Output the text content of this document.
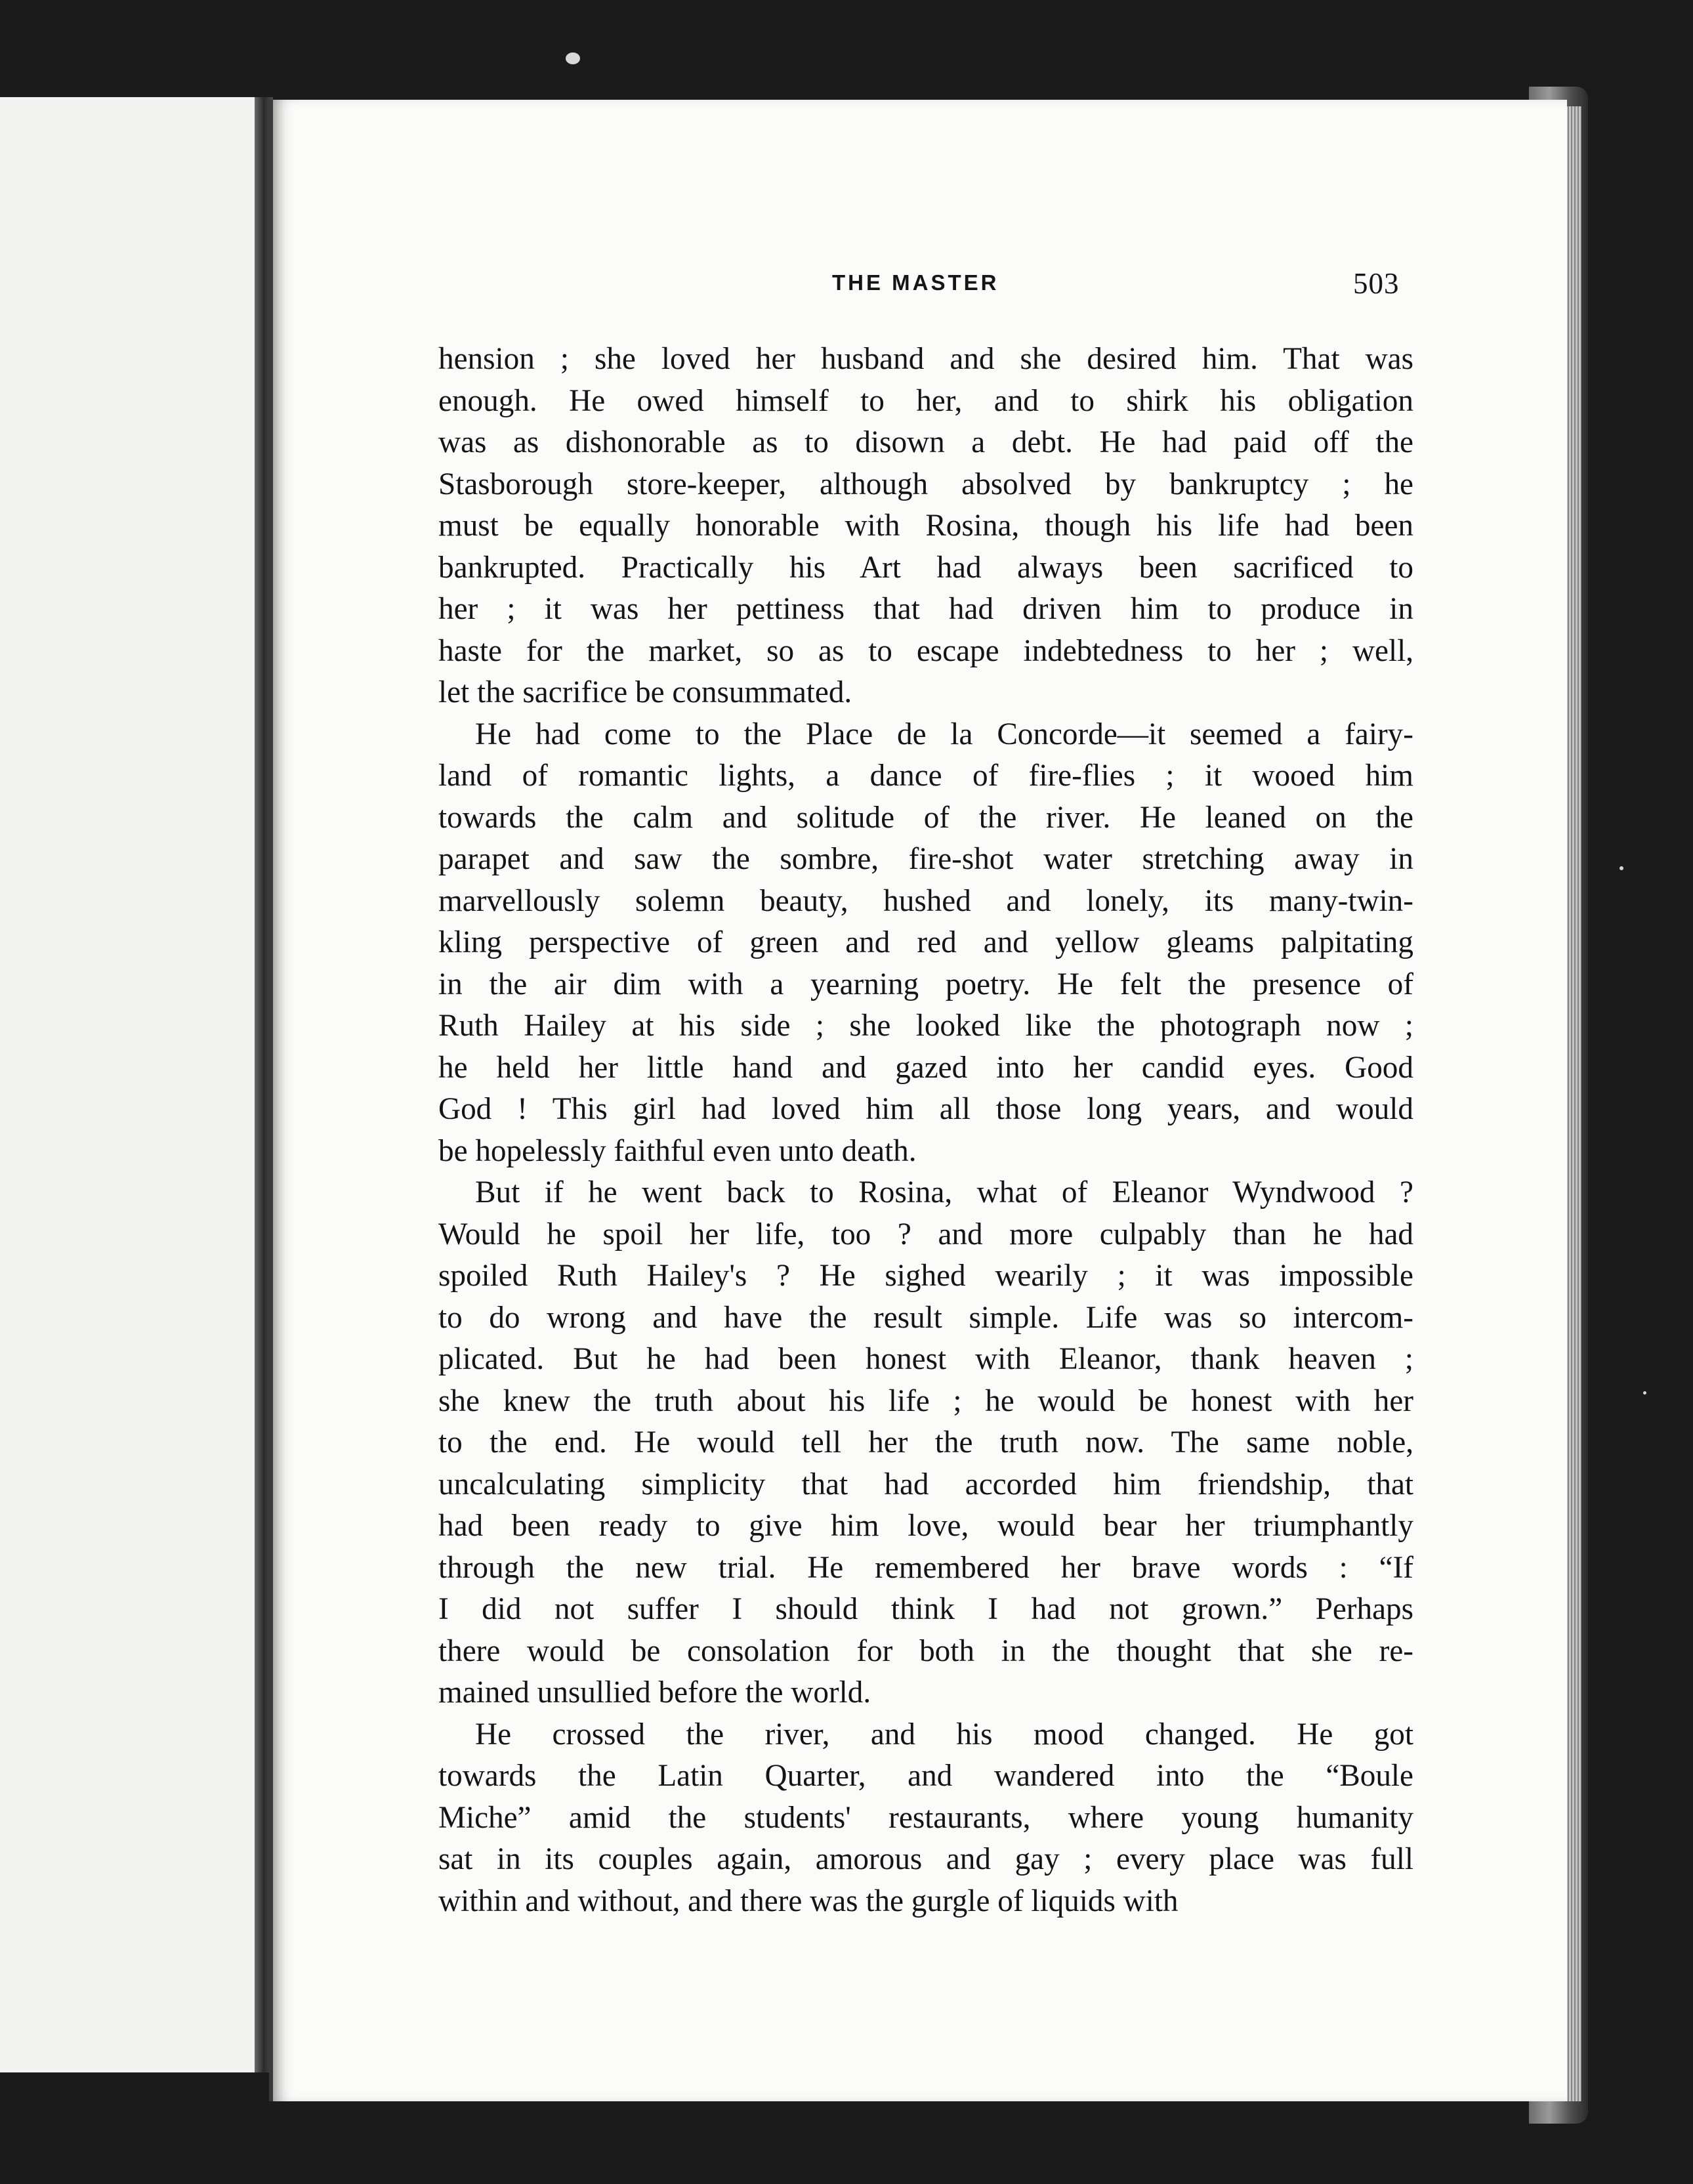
THE MASTER	503
hension ; she loved her husband and she desired him. That was
enough. He owed himself to her, and to shirk his obligation
was as dishonorable as to disown a debt. He had paid off the
Stasborough store-keeper, although absolved by bankruptcy ; he
must be equally honorable with Rosina, though his life had been
bankrupted. Practically his Art had always been sacrificed to
her ; it was her pettiness that had driven him to produce in
haste for the market, so as to escape indebtedness to her ; well,
let the sacrifice be consummated.
He had come to the Place de la Concorde—it seemed a fairy-
land of romantic lights, a dance of fire-flies ; it wooed him
towards the calm and solitude of the river. He leaned on the
parapet and saw the sombre, fire-shot water stretching away in
marvellously solemn beauty, hushed and lonely, its many-twin-
kling perspective of green and red and yellow gleams palpitating
in the air dim with a yearning poetry. He felt the presence of
Ruth Hailey at his side ; she looked like the photograph now ;
he held her little hand and gazed into her candid eyes. Good
God ! This girl had loved him all those long years, and would
be hopelessly faithful even unto death.
But if he went back to Rosina, what of Eleanor Wyndwood ?
Would he spoil her life, too ? and more culpably than he had
spoiled Ruth Hailey's ? He sighed wearily ; it was impossible
to do wrong and have the result simple. Life was so intercom-
plicated. But he had been honest with Eleanor, thank heaven ;
she knew the truth about his life ; he would be honest with her
to the end. He would tell her the truth now. The same noble,
uncalculating simplicity that had accorded him friendship, that
had been ready to give him love, would bear her triumphantly
through the new trial. He remembered her brave words : “If
I did not suffer I should think I had not grown.” Perhaps
there would be consolation for both in the thought that she re-
mained unsullied before the world.
He crossed the river, and his mood changed. He got
towards the Latin Quarter, and wandered into the “Boule
Miche” amid the students' restaurants, where young humanity
sat in its couples again, amorous and gay ; every place was full
within and without, and there was the gurgle of liquids with
